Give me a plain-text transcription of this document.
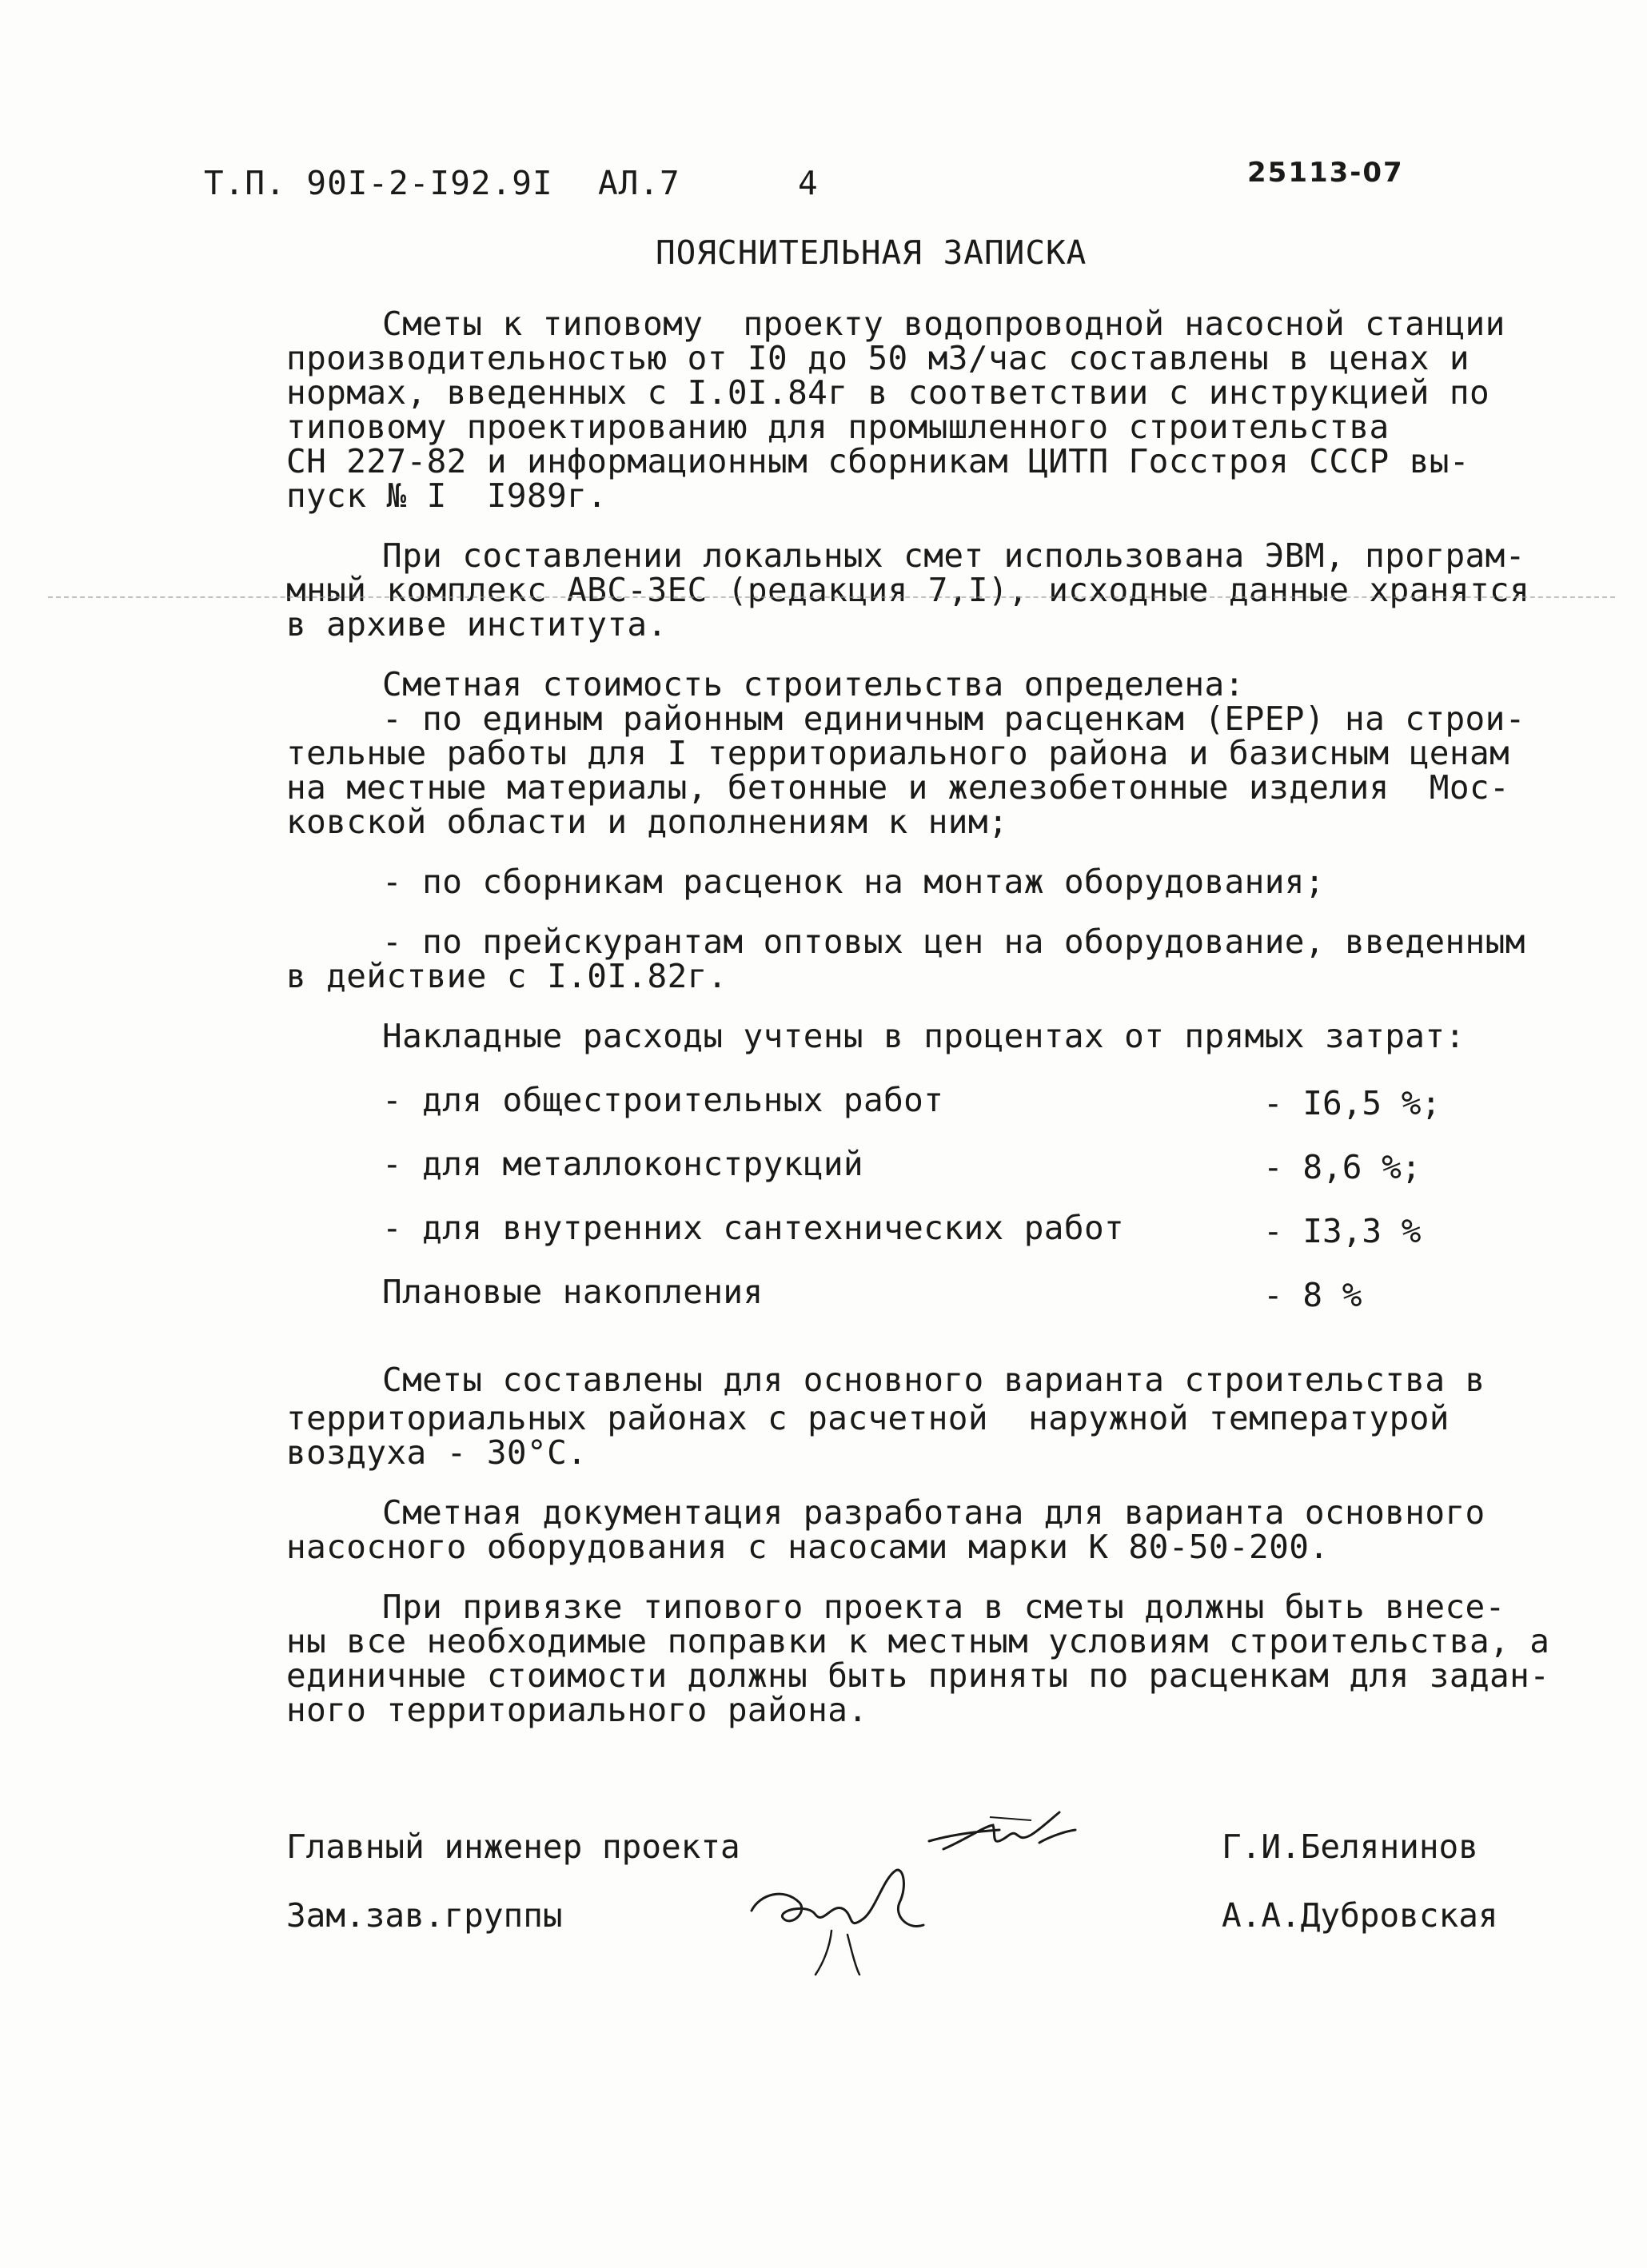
Т.П. 90I-2-I92.9I АЛ.7	4	25113-07
ПОЯСНИТЕЛЬНАЯ ЗАПИСКА
Сметы к типовому  проекту водопроводной насосной станции
производительностью от I0 до 50 м3/час составлены в ценах и
нормах, введенных с I.0I.84г в соответствии с инструкцией по
типовому проектированию для промышленного строительства
СН 227-82 и информационным сборникам ЦИТП Госстроя СССР вы-
пуск № I  I989г.
При составлении локальных смет использована ЭВМ, програм-
мный комплекс АВС-3ЕС (редакция 7,I), исходные данные хранятся
в архиве института.
Сметная стоимость строительства определена:
- по единым районным единичным расценкам (ЕРЕР) на строи-
тельные работы для I территориального района и базисным ценам
на местные материалы, бетонные и железобетонные изделия  Мос-
ковской области и дополнениям к ним;
- по сборникам расценок на монтаж оборудования;
- по прейскурантам оптовых цен на оборудование, введенным
в действие с I.0I.82г.
Накладные расходы учтены в процентах от прямых затрат:
- для общестроительных работ	- I6,5 %;
- для металлоконструкций	- 8,6 %;
- для внутренних сантехнических работ	- I3,3 %
Плановые накопления	- 8 %
Сметы составлены для основного варианта строительства в
территориальных районах с расчетной  наружной температурой
воздуха - 30°С.
Сметная документация разработана для варианта основного
насосного оборудования с насосами марки К 80-50-200.
При привязке типового проекта в сметы должны быть внесе-
ны все необходимые поправки к местным условиям строительства, а
единичные стоимости должны быть приняты по расценкам для задан-
ного территориального района.
Главный инженер проекта	Г.И.Белянинов
Зам.зав.группы	А.А.Дубровская
